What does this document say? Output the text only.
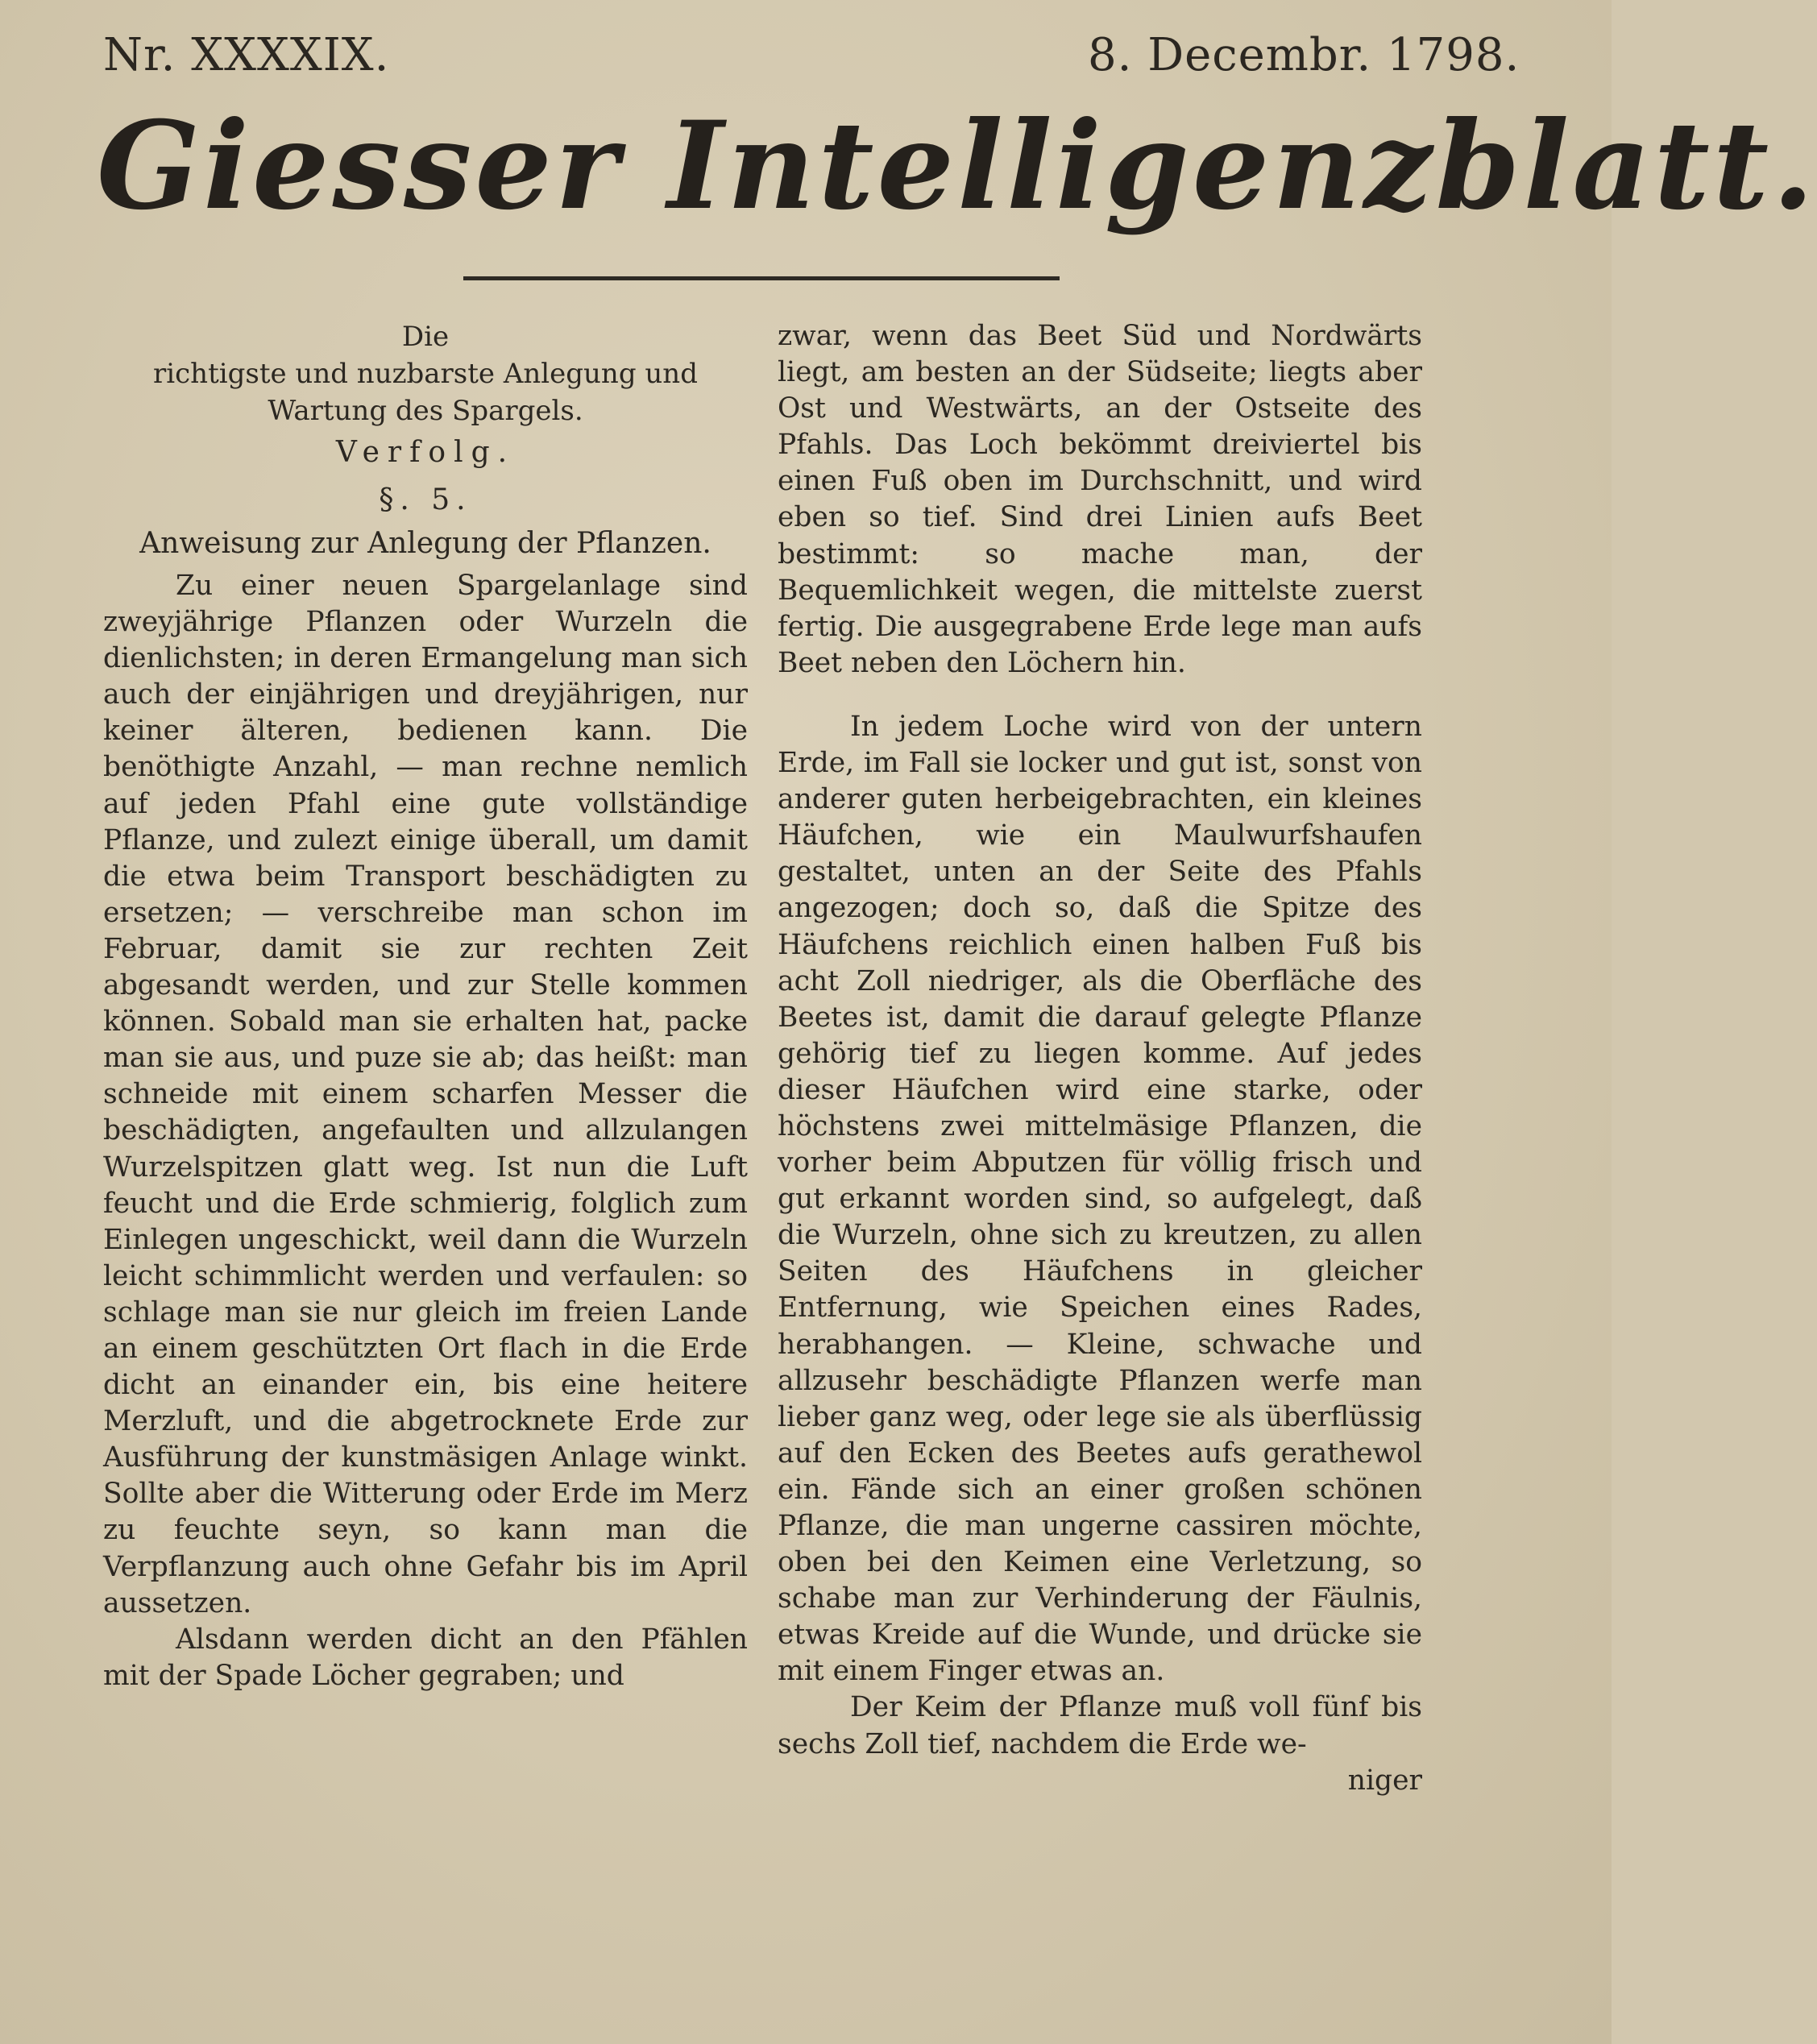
Nr. XXXXIX.	8. Decembr. 1798.
Giesser Intelligenzblatt.

Die

richtigste und nuzbarste Anlegung und Wartung des Spargels.

Verfolg.

§. 5.

Anweisung zur Anlegung der Pflanzen.

Zu einer neuen Spargelanlage sind zweyjährige Pflanzen oder Wurzeln die dienlichsten; in deren Ermangelung man sich auch der einjährigen und dreyjährigen, nur keiner älteren, bedienen kann. Die benöthigte Anzahl, — man rechne nemlich auf jeden Pfahl eine gute vollständige Pflanze, und zulezt einige überall, um damit die etwa beim Transport beschädigten zu ersetzen; — verschreibe man schon im Februar, damit sie zur rechten Zeit abgesandt werden, und zur Stelle kommen können. Sobald man sie erhalten hat, packe man sie aus, und puze sie ab; das heißt: man schneide mit einem scharfen Messer die beschädigten, angefaulten und allzulangen Wurzelspitzen glatt weg. Ist nun die Luft feucht und die Erde schmierig, folglich zum Einlegen ungeschickt, weil dann die Wurzeln leicht schimmlicht werden und verfaulen: so schlage man sie nur gleich im freien Lande an einem geschützten Ort flach in die Erde dicht an einander ein, bis eine heitere Merzluft, und die abgetrocknete Erde zur Ausführung der kunstmäsigen Anlage winkt. Sollte aber die Witterung oder Erde im Merz zu feuchte seyn, so kann man die Verpflanzung auch ohne Gefahr bis im April aussetzen.

Alsdann werden dicht an den Pfählen mit der Spade Löcher gegraben; und

zwar, wenn das Beet Süd und Nordwärts liegt, am besten an der Südseite; liegts aber Ost und Westwärts, an der Ostseite des Pfahls. Das Loch bekömmt dreiviertel bis einen Fuß oben im Durchschnitt, und wird eben so tief. Sind drei Linien aufs Beet bestimmt: so mache man, der Bequemlichkeit wegen, die mittelste zuerst fertig. Die ausgegrabene Erde lege man aufs Beet neben den Löchern hin.

In jedem Loche wird von der untern Erde, im Fall sie locker und gut ist, sonst von anderer guten herbeigebrachten, ein kleines Häufchen, wie ein Maulwurfshaufen gestaltet, unten an der Seite des Pfahls angezogen; doch so, daß die Spitze des Häufchens reichlich einen halben Fuß bis acht Zoll niedriger, als die Oberfläche des Beetes ist, damit die darauf gelegte Pflanze gehörig tief zu liegen komme. Auf jedes dieser Häufchen wird eine starke, oder höchstens zwei mittelmäsige Pflanzen, die vorher beim Abputzen für völlig frisch und gut erkannt worden sind, so aufgelegt, daß die Wurzeln, ohne sich zu kreutzen, zu allen Seiten des Häufchens in gleicher Entfernung, wie Speichen eines Rades, herabhangen. — Kleine, schwache und allzusehr beschädigte Pflanzen werfe man lieber ganz weg, oder lege sie als überflüssig auf den Ecken des Beetes aufs gerathewol ein. Fände sich an einer großen schönen Pflanze, die man ungerne cassiren möchte, oben bei den Keimen eine Verletzung, so schabe man zur Verhinderung der Fäulnis, etwas Kreide auf die Wunde, und drücke sie mit einem Finger etwas an.

Der Keim der Pflanze muß voll fünf bis sechs Zoll tief, nachdem die Erde we-

niger
